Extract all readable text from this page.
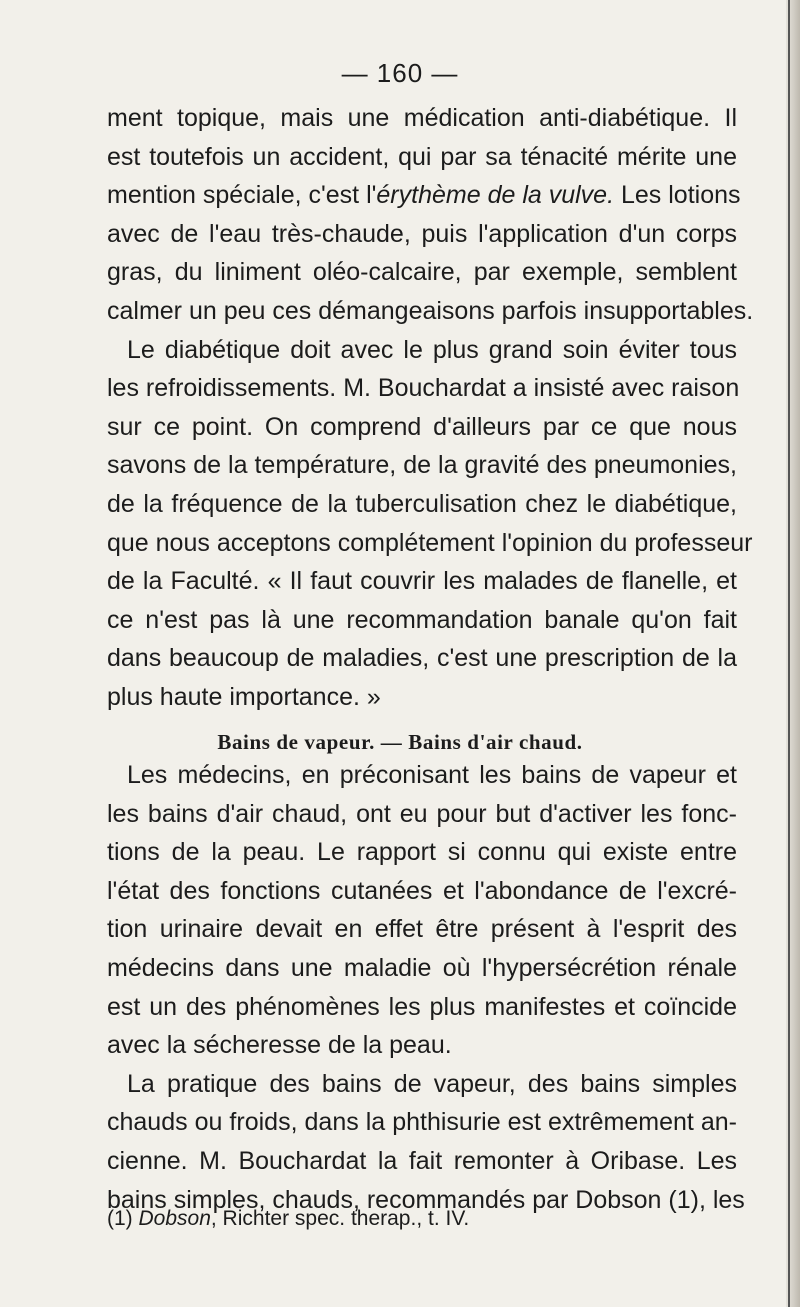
— 160 —
ment topique, mais une médication anti-diabétique. Il
est toutefois un accident, qui par sa ténacité mérite une
mention spéciale, c'est l'érythème de la vulve. Les lotions
avec de l'eau très-chaude, puis l'application d'un corps
gras, du liniment oléo-calcaire, par exemple, semblent
calmer un peu ces démangeaisons parfois insupportables.
Le diabétique doit avec le plus grand soin éviter tous
les refroidissements. M. Bouchardat a insisté avec raison
sur ce point. On comprend d'ailleurs par ce que nous
savons de la température, de la gravité des pneumonies,
de la fréquence de la tuberculisation chez le diabétique,
que nous acceptons complétement l'opinion du professeur
de la Faculté. « Il faut couvrir les malades de flanelle, et
ce n'est pas là une recommandation banale qu'on fait
dans beaucoup de maladies, c'est une prescription de la
plus haute importance. »
Bains de vapeur. — Bains d'air chaud.
Les médecins, en préconisant les bains de vapeur et
les bains d'air chaud, ont eu pour but d'activer les fonc-
tions de la peau. Le rapport si connu qui existe entre
l'état des fonctions cutanées et l'abondance de l'excré-
tion urinaire devait en effet être présent à l'esprit des
médecins dans une maladie où l'hypersécrétion rénale
est un des phénomènes les plus manifestes et coïncide
avec la sécheresse de la peau.
La pratique des bains de vapeur, des bains simples
chauds ou froids, dans la phthisurie est extrêmement an-
cienne. M. Bouchardat la fait remonter à Oribase. Les
bains simples, chauds, recommandés par Dobson (1), les
(1) Dobson, Richter spec. therap., t. IV.
